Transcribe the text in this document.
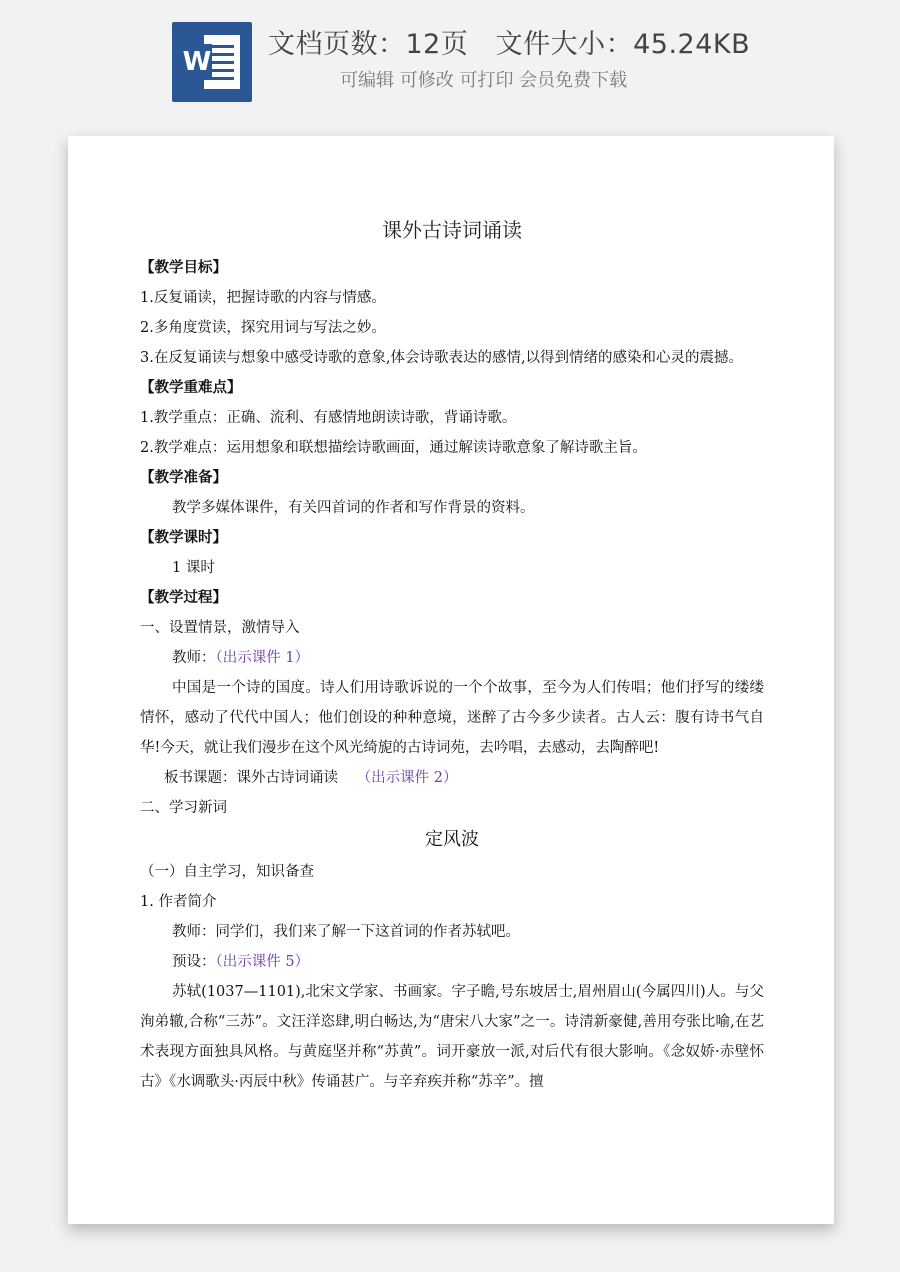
W
文档页数：12页   文件大小：45.24KB
可编辑 可修改 可打印 会员免费下载
课外古诗词诵读
【教学目标】
1.反复诵读，把握诗歌的内容与情感。
2.多角度赏读，探究用词与写法之妙。
3.在反复诵读与想象中感受诗歌的意象,体会诗歌表达的感情,以得到情绪的感染和心灵的震撼。
【教学重难点】
1.教学重点：正确、流利、有感情地朗读诗歌，背诵诗歌。
2.教学难点：运用想象和联想描绘诗歌画面，通过解读诗歌意象了解诗歌主旨。
【教学准备】
教学多媒体课件，有关四首词的作者和写作背景的资料。
【教学课时】
1 课时
【教学过程】
一、设置情景，激情导入
教师：（出示课件 1）
中国是一个诗的国度。诗人们用诗歌诉说的一个个故事，至今为人们传唱；他们抒写的缕缕情怀，感动了代代中国人；他们创设的种种意境，迷醉了古今多少读者。古人云：腹有诗书气自华!今天，就让我们漫步在这个风光绮旎的古诗词苑，去吟唱，去感动，去陶醉吧!
板书课题：课外古诗词诵读 （出示课件 2）
二、学习新词
定风波
（一）自主学习，知识备查
1. 作者简介
教师：同学们，我们来了解一下这首词的作者苏轼吧。
预设：（出示课件 5）
苏轼(1037—1101),北宋文学家、书画家。字子瞻,号东坡居士,眉州眉山(今属四川)人。与父洵弟辙,合称“三苏”。文汪洋恣肆,明白畅达,为“唐宋八大家”之一。诗清新豪健,善用夸张比喻,在艺术表现方面独具风格。与黄庭坚并称“苏黄”。词开豪放一派,对后代有很大影响。《念奴娇·赤壁怀古》《水调歌头·丙辰中秋》传诵甚广。与辛弃疾并称“苏辛”。擅
